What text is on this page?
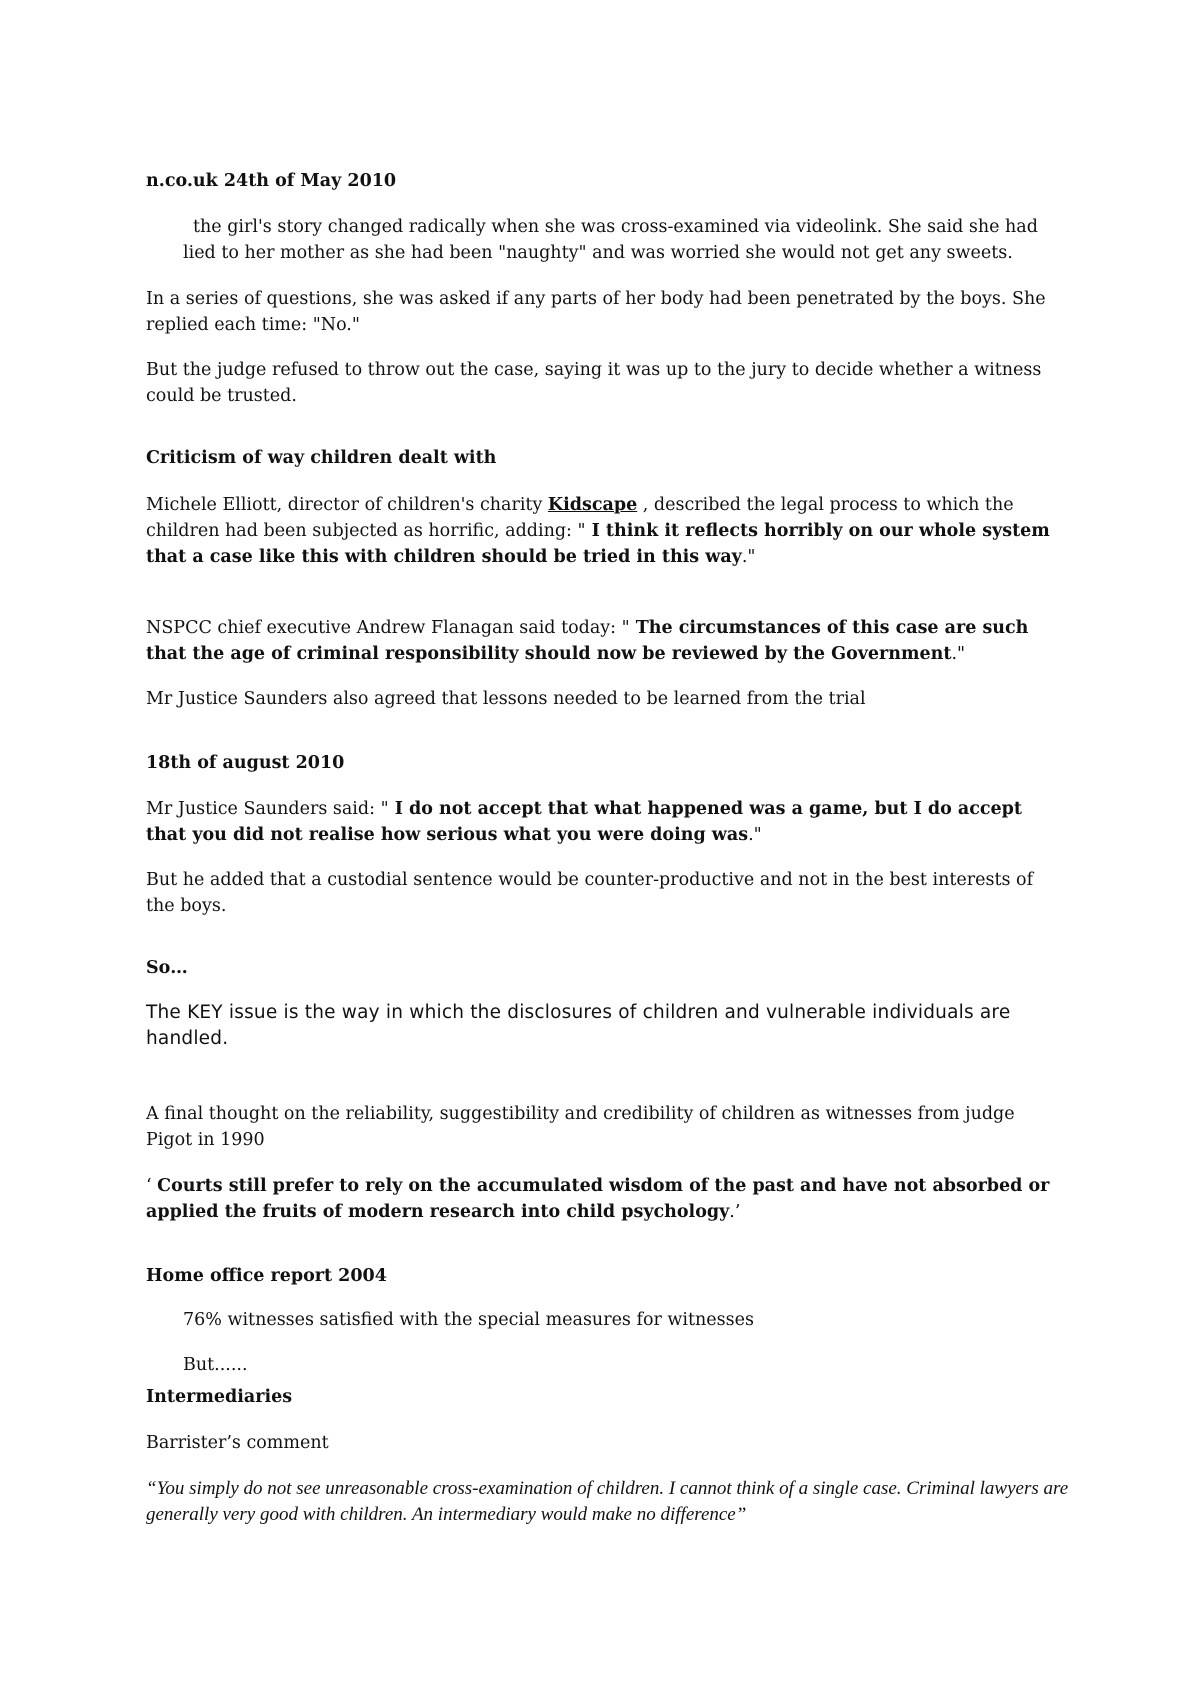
n.co.uk 24th of May 2010

the girl's story changed radically when she was cross-examined via videolink. She said she had lied to her mother as she had been "naughty" and was worried she would not get any sweets.

In a series of questions, she was asked if any parts of her body had been penetrated by the boys. She replied each time: "No."

But the judge refused to throw out the case, saying it was up to the jury to decide whether a witness could be trusted.

Criticism of way children dealt with

Michele Elliott, director of children's charity Kidscape , described the legal process to which the children had been subjected as horrific, adding: " I think it reflects horribly on our whole system that a case like this with children should be tried in this way."

NSPCC chief executive Andrew Flanagan said today: " The circumstances of this case are such that the age of criminal responsibility should now be reviewed by the Government."

Mr Justice Saunders also agreed that lessons needed to be learned from the trial

18th of august 2010

Mr Justice Saunders said: " I do not accept that what happened was a game, but I do accept that you did not realise how serious what you were doing was."

But he added that a custodial sentence would be counter-productive and not in the best interests of the boys.

So…

The KEY issue is the way in which the disclosures of children and vulnerable individuals are handled.

A final thought on the reliability, suggestibility and credibility of children as witnesses from judge Pigot in 1990

‘ Courts still prefer to rely on the accumulated wisdom of the past and have not absorbed or applied the fruits of modern research into child psychology.’

Home office report 2004

76% witnesses satisfied with the special measures for witnesses

But......

Intermediaries

Barrister’s comment

“You simply do not see unreasonable cross-examination of children. I cannot think of a single case. Criminal lawyers are generally very good with children. An intermediary would make no difference”
